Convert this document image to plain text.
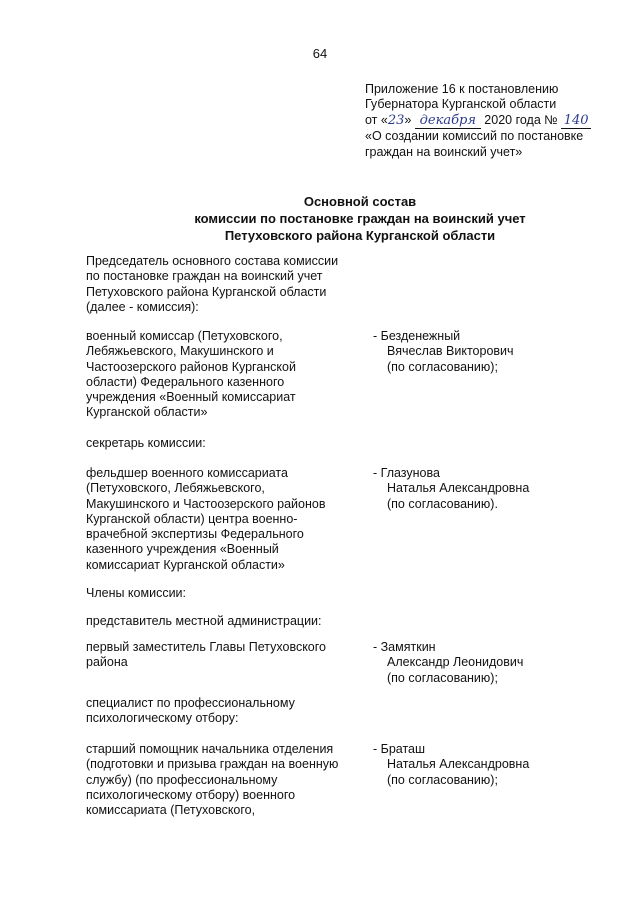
64
Приложение 16 к постановлению
Губернатора Курганской области
от «23» декабря 2020 года № 140
«О создании комиссий по постановке
граждан на воинский учет»
Основной состав
комиссии по постановке граждан на воинский учет
Петуховского района Курганской области
Председатель основного состава комиссии
по постановке граждан на воинский учет
Петуховского района Курганской области
(далее - комиссия):
военный комиссар (Петуховского,
Лебяжьевского, Макушинского и
Частоозерского районов Курганской
области) Федерального казенного
учреждения «Военный комиссариат
Курганской области»
- Безденежный
Вячеслав Викторович
(по согласованию);
секретарь комиссии:
фельдшер военного комиссариата
(Петуховского, Лебяжьевского,
Макушинского и Частоозерского районов
Курганской области) центра военно-
врачебной экспертизы Федерального
казенного учреждения «Военный
комиссариат Курганской области»
- Глазунова
Наталья Александровна
(по согласованию).
Члены комиссии:
представитель местной администрации:
первый заместитель Главы Петуховского
района
- Замяткин
Александр Леонидович
(по согласованию);
специалист по профессиональному
психологическому отбору:
старший помощник начальника отделения
(подготовки и призыва граждан на военную
службу) (по профессиональному
психологическому отбору) военного
комиссариата (Петуховского,
- Браташ
Наталья Александровна
(по согласованию);
